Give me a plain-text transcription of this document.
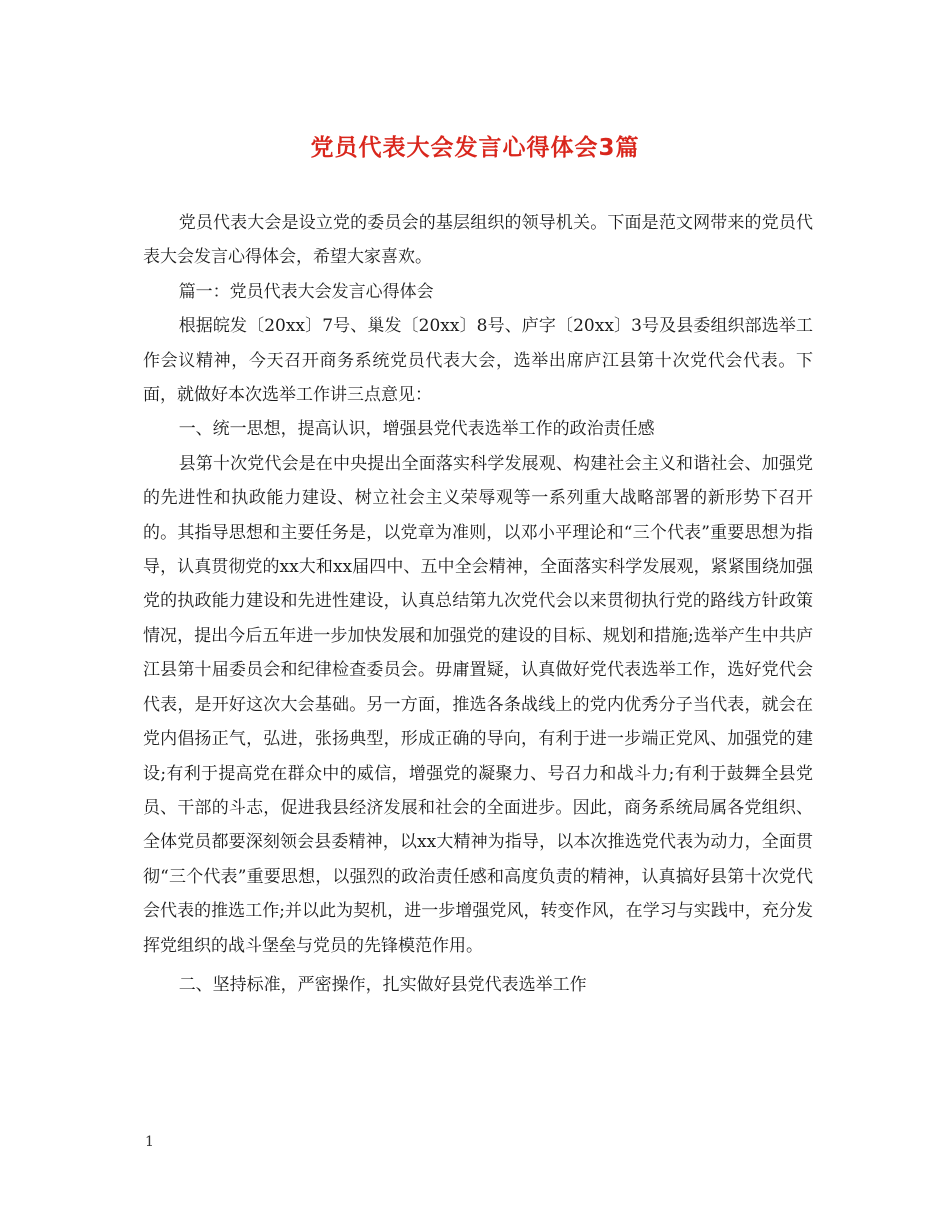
党员代表大会发言心得体会3篇

党员代表大会是设立党的委员会的基层组织的领导机关。下面是范文网带来的党员代表大会发言心得体会，希望大家喜欢。

篇一：党员代表大会发言心得体会

根据皖发〔20xx〕7号、巢发〔20xx〕8号、庐字〔20xx〕3号及县委组织部选举工作会议精神，今天召开商务系统党员代表大会，选举出席庐江县第十次党代会代表。下面，就做好本次选举工作讲三点意见：

一、统一思想，提高认识，增强县党代表选举工作的政治责任感

县第十次党代会是在中央提出全面落实科学发展观、构建社会主义和谐社会、加强党的先进性和执政能力建设、树立社会主义荣辱观等一系列重大战略部署的新形势下召开的。其指导思想和主要任务是，以党章为准则，以邓小平理论和“三个代表”重要思想为指导，认真贯彻党的xx大和xx届四中、五中全会精神，全面落实科学发展观，紧紧围绕加强党的执政能力建设和先进性建设，认真总结第九次党代会以来贯彻执行党的路线方针政策情况，提出今后五年进一步加快发展和加强党的建设的目标、规划和措施;选举产生中共庐江县第十届委员会和纪律检查委员会。毋庸置疑，认真做好党代表选举工作，选好党代会代表，是开好这次大会基础。另一方面，推选各条战线上的党内优秀分子当代表，就会在党内倡扬正气，弘进，张扬典型，形成正确的导向，有利于进一步端正党风、加强党的建设;有利于提高党在群众中的威信，增强党的凝聚力、号召力和战斗力;有利于鼓舞全县党员、干部的斗志，促进我县经济发展和社会的全面进步。因此，商务系统局属各党组织、全体党员都要深刻领会县委精神，以xx大精神为指导，以本次推选党代表为动力，全面贯彻“三个代表”重要思想，以强烈的政治责任感和高度负责的精神，认真搞好县第十次党代会代表的推选工作;并以此为契机，进一步增强党风，转变作风，在学习与实践中，充分发挥党组织的战斗堡垒与党员的先锋模范作用。

二、坚持标准，严密操作，扎实做好县党代表选举工作

1
